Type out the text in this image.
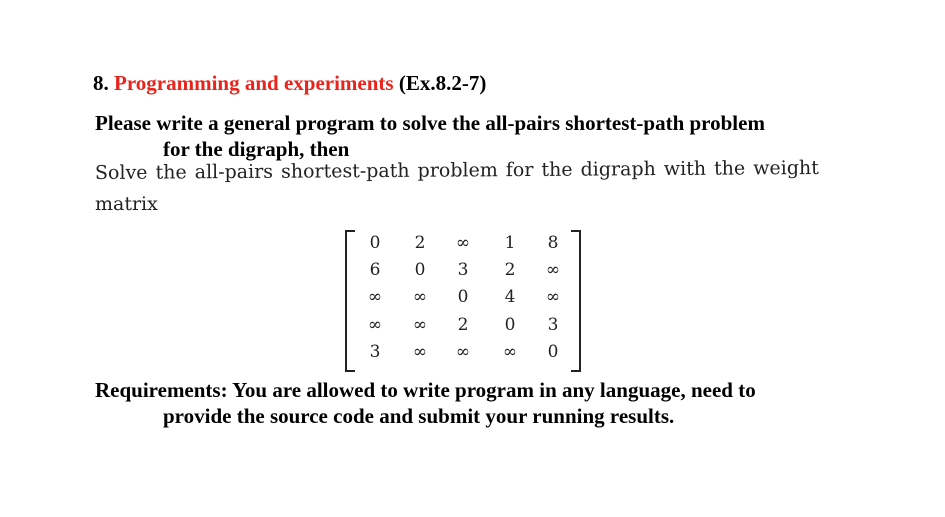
8. Programming and experiments (Ex.8.2-7)
Please write a general program to solve the all-pairs shortest-path problem
for the digraph, then
Solve the all-pairs shortest-path problem for the digraph with the weight
matrix
0	2	∞	1	8
6	0	3	2	∞
∞	∞	0	4	∞
∞	∞	2	0	3
3	∞	∞	∞	0
Requirements: You are allowed to write program in any language, need to
provide the source code and submit your running results.
